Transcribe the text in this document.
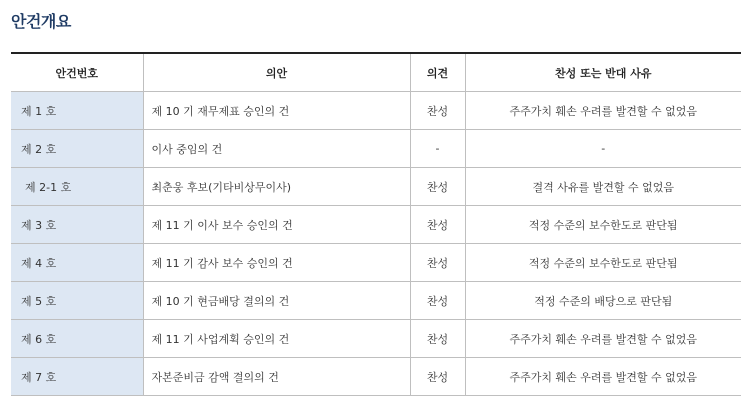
안건개요
안건번호	의안	의견	찬성 또는 반대 사유
제 1 호	제 10 기 재무제표 승인의 건	찬성	주주가치 훼손 우려를 발견할 수 없었음
제 2 호	이사 중임의 건	-	-
제 2-1 호	최춘웅 후보(기타비상무이사)	찬성	결격 사유를 발견할 수 없었음
제 3 호	제 11 기 이사 보수 승인의 건	찬성	적정 수준의 보수한도로 판단됨
제 4 호	제 11 기 감사 보수 승인의 건	찬성	적정 수준의 보수한도로 판단됨
제 5 호	제 10 기 현금배당 결의의 건	찬성	적정 수준의 배당으로 판단됨
제 6 호	제 11 기 사업계획 승인의 건	찬성	주주가치 훼손 우려를 발견할 수 없었음
제 7 호	자본준비금 감액 결의의 건	찬성	주주가치 훼손 우려를 발견할 수 없었음
